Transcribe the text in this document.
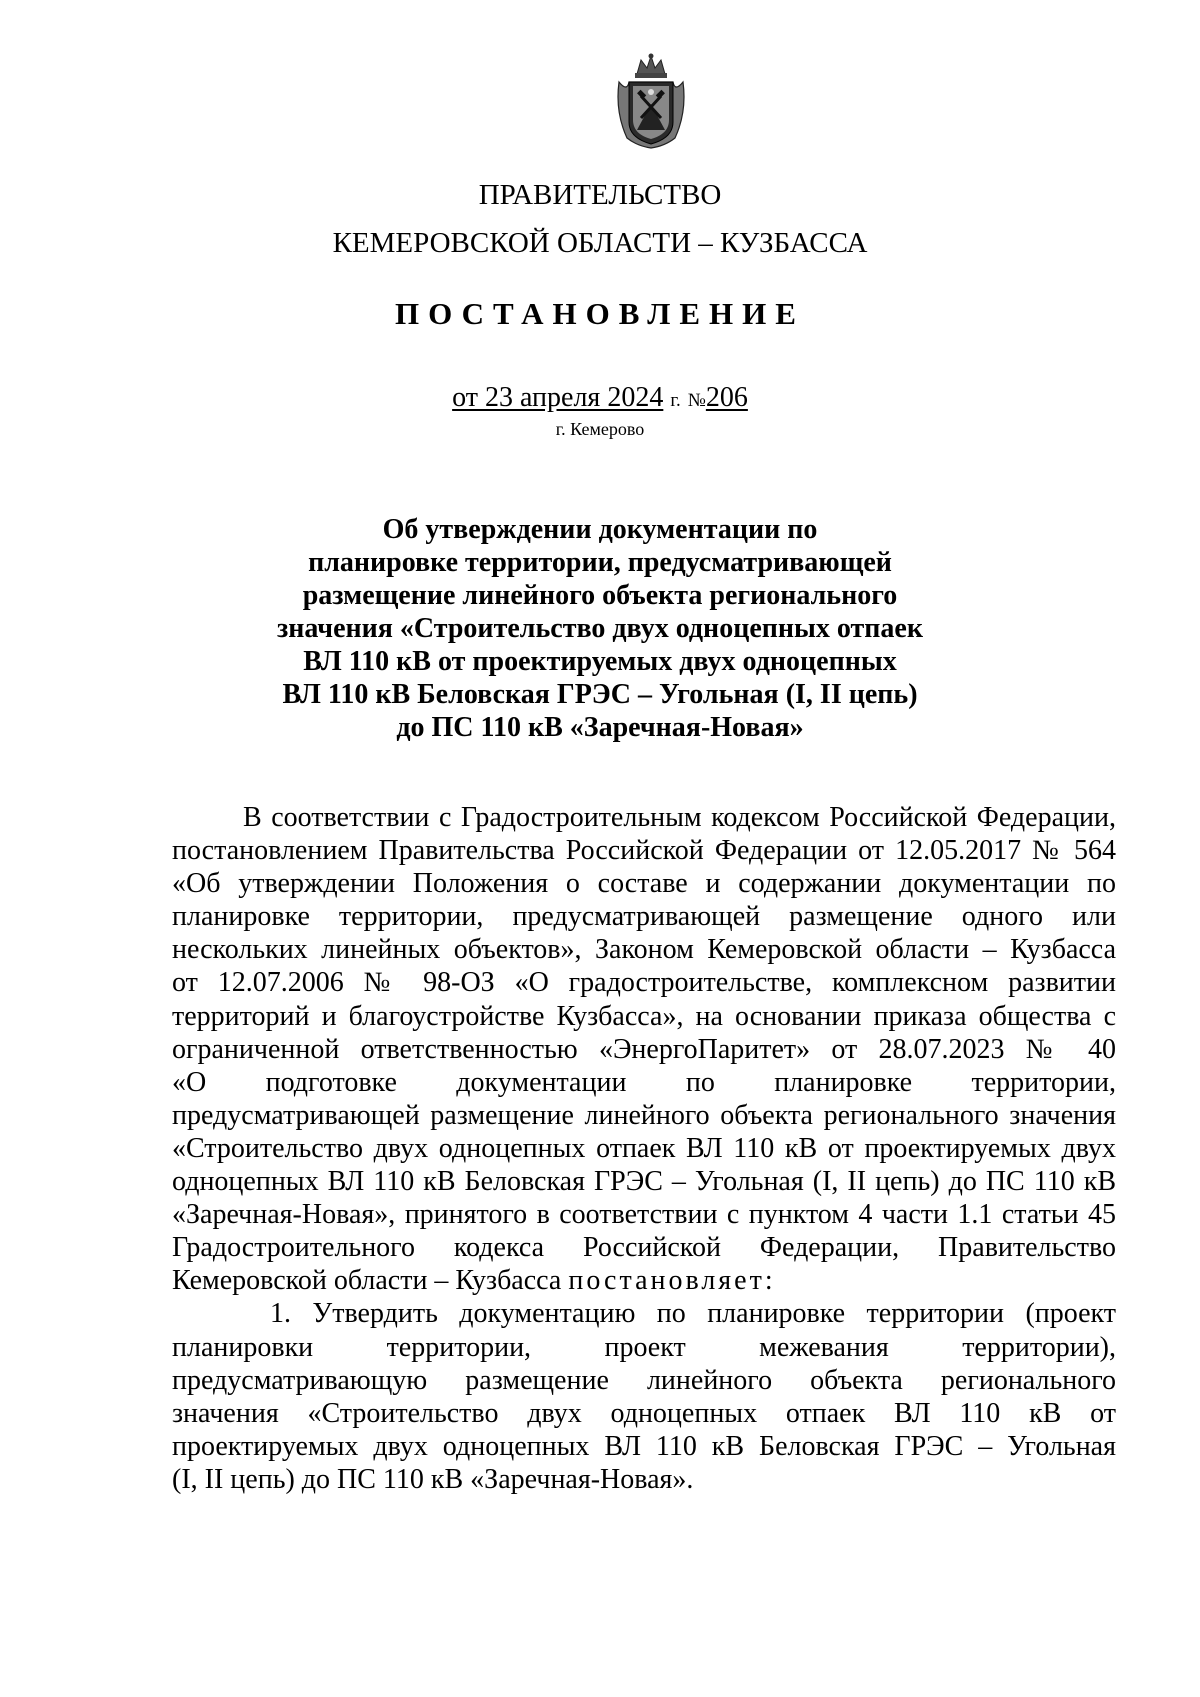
ПРАВИТЕЛЬСТВО
КЕМЕРОВСКОЙ ОБЛАСТИ – КУЗБАССА
ПОСТАНОВЛЕНИЕ
от 23 апреля 2024 г. №206
г. Кемерово
Об утверждении документации по
планировке территории, предусматривающей
размещение линейного объекта регионального
значения «Строительство двух одноцепных отпаек
ВЛ 110 кВ от проектируемых двух одноцепных
ВЛ 110 кВ Беловская ГРЭС – Угольная (I, II цепь)
до ПС 110 кВ «Заречная-Новая»
В соответствии с Градостроительным кодексом Российской Федерации,
постановлением Правительства Российской Федерации от 12.05.2017 № 564
«Об утверждении Положения о составе и содержании документации по
планировке территории, предусматривающей размещение одного или
нескольких линейных объектов», Законом Кемеровской области – Кузбасса
от 12.07.2006 № 98-ОЗ «О градостроительстве, комплексном развитии
территорий и благоустройстве Кузбасса», на основании приказа общества с
ограниченной ответственностью «ЭнергоПаритет» от 28.07.2023 № 40
«О подготовке документации по планировке территории,
предусматривающей размещение линейного объекта регионального значения
«Строительство двух одноцепных отпаек ВЛ 110 кВ от проектируемых двух
одноцепных ВЛ 110 кВ Беловская ГРЭС – Угольная (I, II цепь) до ПС 110 кВ
«Заречная-Новая», принятого в соответствии с пунктом 4 части 1.1 статьи 45
Градостроительного кодекса Российской Федерации, Правительство
Кемеровской области – Кузбасса постановляет:
1. Утвердить документацию по планировке территории (проект
планировки территории, проект межевания территории),
предусматривающую размещение линейного объекта регионального
значения «Строительство двух одноцепных отпаек ВЛ 110 кВ от
проектируемых двух одноцепных ВЛ 110 кВ Беловская ГРЭС – Угольная
(I, II цепь) до ПС 110 кВ «Заречная-Новая».
